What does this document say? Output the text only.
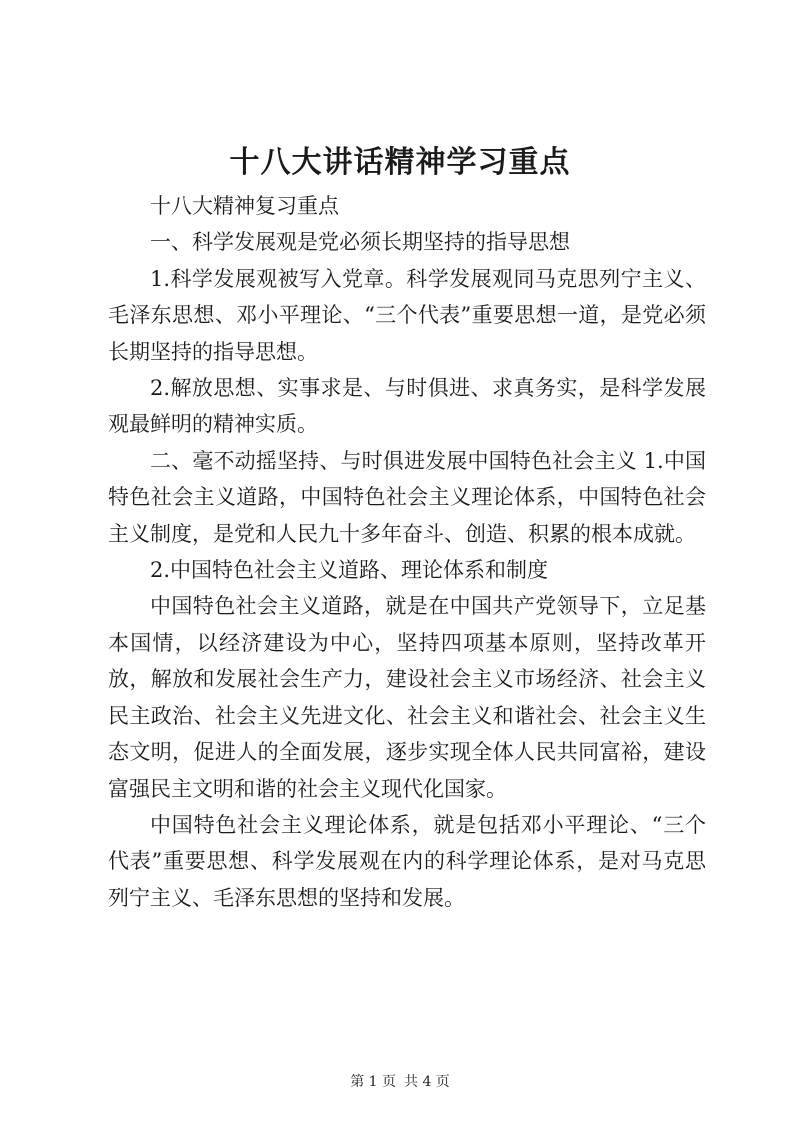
十八大讲话精神学习重点

十八大精神复习重点

一、科学发展观是党必须长期坚持的指导思想

1.科学发展观被写入党章。科学发展观同马克思列宁主义、毛泽东思想、邓小平理论、“三个代表”重要思想一道，是党必须长期坚持的指导思想。

2.解放思想、实事求是、与时俱进、求真务实，是科学发展观最鲜明的精神实质。

二、毫不动摇坚持、与时俱进发展中国特色社会主义 1.中国特色社会主义道路，中国特色社会主义理论体系，中国特色社会主义制度，是党和人民九十多年奋斗、创造、积累的根本成就。

2.中国特色社会主义道路、理论体系和制度

中国特色社会主义道路，就是在中国共产党领导下，立足基本国情，以经济建设为中心，坚持四项基本原则，坚持改革开放，解放和发展社会生产力，建设社会主义市场经济、社会主义民主政治、社会主义先进文化、社会主义和谐社会、社会主义生态文明，促进人的全面发展，逐步实现全体人民共同富裕，建设富强民主文明和谐的社会主义现代化国家。

中国特色社会主义理论体系，就是包括邓小平理论、“三个代表”重要思想、科学发展观在内的科学理论体系，是对马克思列宁主义、毛泽东思想的坚持和发展。

第 1 页 共 4 页
